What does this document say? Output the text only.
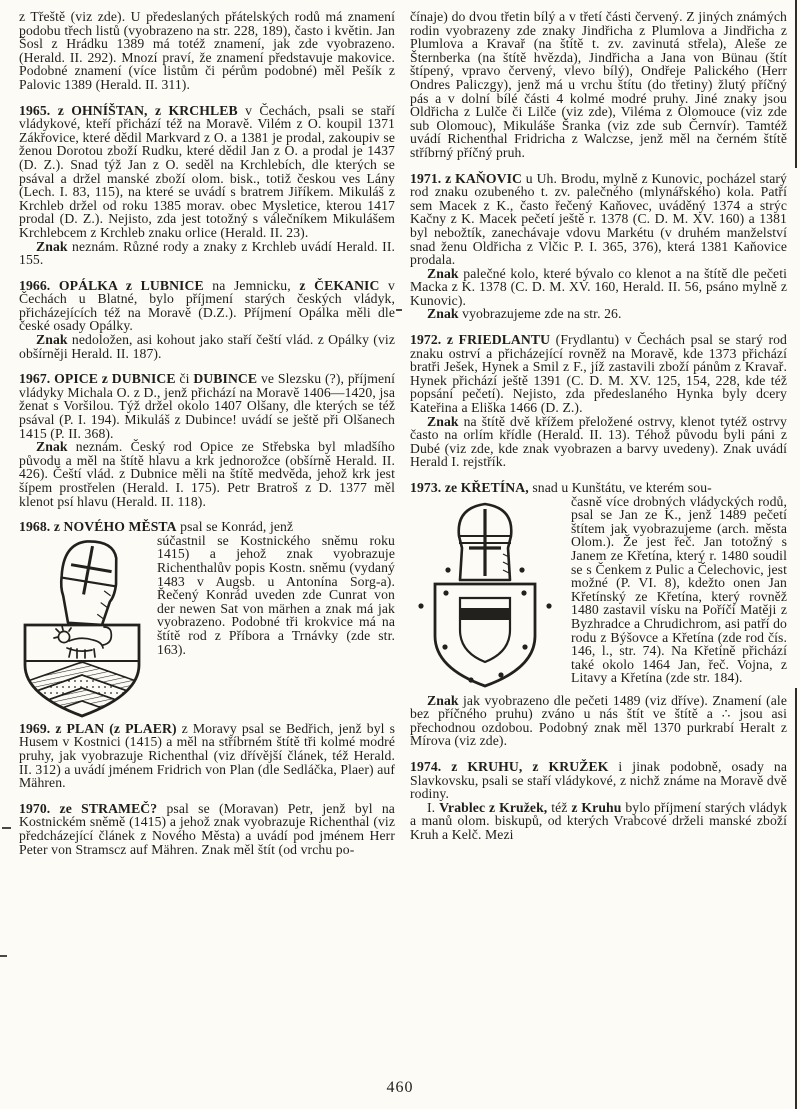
z Třeště (viz zde). U předeslaných přátelských rodů má znamení podobu třech listů (vyobrazeno na str. 228, 189), často i květin. Jan Šosl z Hrádku 1389 má totéž znamení, jak zde vyobrazeno. (Herald. II. 292). Mnozí praví, že znamení představuje makovice. Podobné znamení (více listům či pérům podobné) měl Pešík z Palovic 1389 (Herald. II. 311).
1965. z OHNÍŠTAN, z KRCHLEB v Čechách, psali se staří vládykové, kteří přichází též na Moravě. Vilém z O. koupil 1371 Zákřovice, které dědil Markvard z O. a 1381 je prodal, zakoupiv se ženou Dorotou zboží Rudku, které dědil Jan z O. a prodal je 1437 (D. Z.). Snad týž Jan z O. seděl na Krchlebích, dle kterých se psával a držel manské zboží olom. bisk., totiž českou ves Lány (Lech. I. 83, 115), na které se uvádí s bratrem Jiříkem. Mikuláš z Krchleb držel od roku 1385 morav. obec Mysletice, kterou 1417 prodal (D. Z.). Nejisto, zda jest totožný s válečníkem Mikulášem Krchlebcem z Krchleb znaku orlice (Herald. II. 23).
Znak neznám. Různé rody a znaky z Krchleb uvádí Herald. II. 155.
1966. OPÁLKA z LUBNICE na Jemnicku, z ČEKANIC v Čechách u Blatné, bylo příjmení starých českých vládyk, přicházejících též na Moravě (D.Z.). Příjmení Opálka měli dle české osady Opálky.
Znak nedoložen, asi kohout jako staří čeští vlád. z Opálky (viz obšírněji Herald. II. 187).
1967. OPICE z DUBNICE či DUBINCE ve Slezsku (?), příjmení vládyky Michala O. z D., jenž přichází na Moravě 1406—1420, jsa ženat s Voršilou. Týž držel okolo 1407 Olšany, dle kterých se též psával (P. I. 194). Mikuláš z Dubince! uvádí se ještě při Olšanech 1415 (P. II. 368).
Znak neznám. Český rod Opice ze Střebska byl mladšího původu a měl na štítě hlavu a krk jednorožce (obšírně Herald. II. 426). Čeští vlád. z Dubnice měli na štítě medvěda, jehož krk jest šípem prostřelen (Herald. I. 175). Petr Bratroš z D. 1377 měl klenot psí hlavu (Herald. II. 118).
1968. z NOVÉHO MĚSTA psal se Konrád, jenž
súčastnil se Kostnického sněmu roku 1415) a jehož znak vyobrazuje Richenthalův popis Kostn. sněmu (vydaný 1483 v Augsb. u Antonína Sorg-a). Řečený Konrád uveden zde Cunrat von der newen Sat von märhen a znak má jak vyobrazeno. Podobné tři krokvice má na štítě rod z Příbora a Trnávky (zde str. 163).
1969. z PLAN (z PLAER) z Moravy psal se Bedřich, jenž byl s Husem v Kostnici (1415) a měl na stříbrném štítě tři kolmé modré pruhy, jak vyobrazuje Richenthal (viz dřívější článek, též Herald. II. 312) a uvádí jménem Fridrich von Plan (dle Sedláčka, Plaer) auf Mähren.
1970. ze STRAMEČ? psal se (Moravan) Petr, jenž byl na Kostnickém sněmě (1415) a jehož znak vyobrazuje Richenthal (viz předcházející článek z Nového Města) a uvádí pod jménem Herr Peter von Stramscz auf Mähren. Znak měl štít (od vrchu po-
čínaje) do dvou třetin bílý a v třetí části červený. Z jiných známých rodin vyobrazeny zde znaky Jindřicha z Plumlova a Jindřicha z Plumlova a Kravař (na štítě t. zv. zavinutá střela), Aleše ze Šternberka (na štítě hvězda), Jindřicha a Jana von Bünau (štít štípený, vpravo červený, vlevo bílý), Ondřeje Palického (Herr Ondres Paliczgy), jenž má u vrchu štítu (do třetiny) žlutý příčný pás a v dolní bílé části 4 kolmé modré pruhy. Jiné znaky jsou Oldřicha z Lulče či Lilče (viz zde), Viléma z Olomouce (viz zde sub Olomouc), Mikuláše Šranka (viz zde sub Černvír). Tamtéž uvádí Richenthal Fridricha z Walczse, jenž měl na černém štítě stříbrný příčný pruh.
1971. z KAŇOVIC u Uh. Brodu, mylně z Kunovic, pocházel starý rod znaku ozubeného t. zv. palečného (mlynářského) kola. Patří sem Macek z K., často řečený Kaňovec, uváděný 1374 a strýc Kačny z K. Macek pečetí ještě r. 1378 (C. D. M. XV. 160) a 1381 byl nebožtík, zanechávaje vdovu Markétu (v druhém manželství snad ženu Oldřicha z Vlčic P. I. 365, 376), která 1381 Kaňovice prodala.
Znak palečné kolo, které bývalo co klenot a na štítě dle pečeti Macka z K. 1378 (C. D. M. XV. 160, Herald. II. 56, psáno mylně z Kunovic).
Znak vyobrazujeme zde na str. 26.
1972. z FRIEDLANTU (Frydlantu) v Čechách psal se starý rod znaku ostrví a přicházející rovněž na Moravě, kde 1373 přichází bratři Ješek, Hynek a Smil z F., jíž zastavili zboží pánům z Kravař. Hynek přichází ještě 1391 (C. D. M. XV. 125, 154, 228, kde též popsání pečetí). Nejisto, zda předeslaného Hynka byly dcery Kateřina a Eliška 1466 (D. Z.).
Znak na štítě dvě křížem přeložené ostrvy, klenot tytéž ostrvy často na orlím křídle (Herald. II. 13). Téhož původu byli páni z Dubé (viz zde, kde znak vyobrazen a barvy uvedeny). Znak uvádí Herald I. rejstřík.
1973. ze KŘETÍNA, snad u Kunštátu, ve kterém sou-
časně více drobných vládyckých rodů, psal se Jan ze K., jenž 1489 pečetí štítem jak vyobrazujeme (arch. města Olom.). Že jest řeč. Jan totožný s Janem ze Křetína, který r. 1480 soudil se s Čenkem z Pulic a Čelechovic, jest možné (P. VI. 8), kdežto onen Jan Křetínský ze Křetína, který rovněž 1480 zastavil vísku na Poříčí Matěji z Byzhradce a Chrudichrom, asi patří do rodu z Býšovce a Křetína (zde rod čís. 146, l., str. 74). Na Křetíně přichází také okolo 1464 Jan, řeč. Vojna, z Litavy a Křetína (zde str. 184).
Znak jak vyobrazeno dle pečeti 1489 (viz dříve). Znamení (ale bez příčného pruhu) zváno u nás štít ve štítě a ∴ jsou asi přechodnou ozdobou. Podobný znak měl 1370 purkrabí Heralt z Mírova (viz zde).
1974. z KRUHU, z KRUŽEK i jinak podobně, osady na Slavkovsku, psali se staří vládykové, z nichž známe na Moravě dvě rodiny.
I. Vrablec z Kružek, též z Kruhu bylo příjmení starých vládyk a manů olom. biskupů, od kterých Vrabcové drželi manské zboží Kruh a Kelč. Mezi
460
